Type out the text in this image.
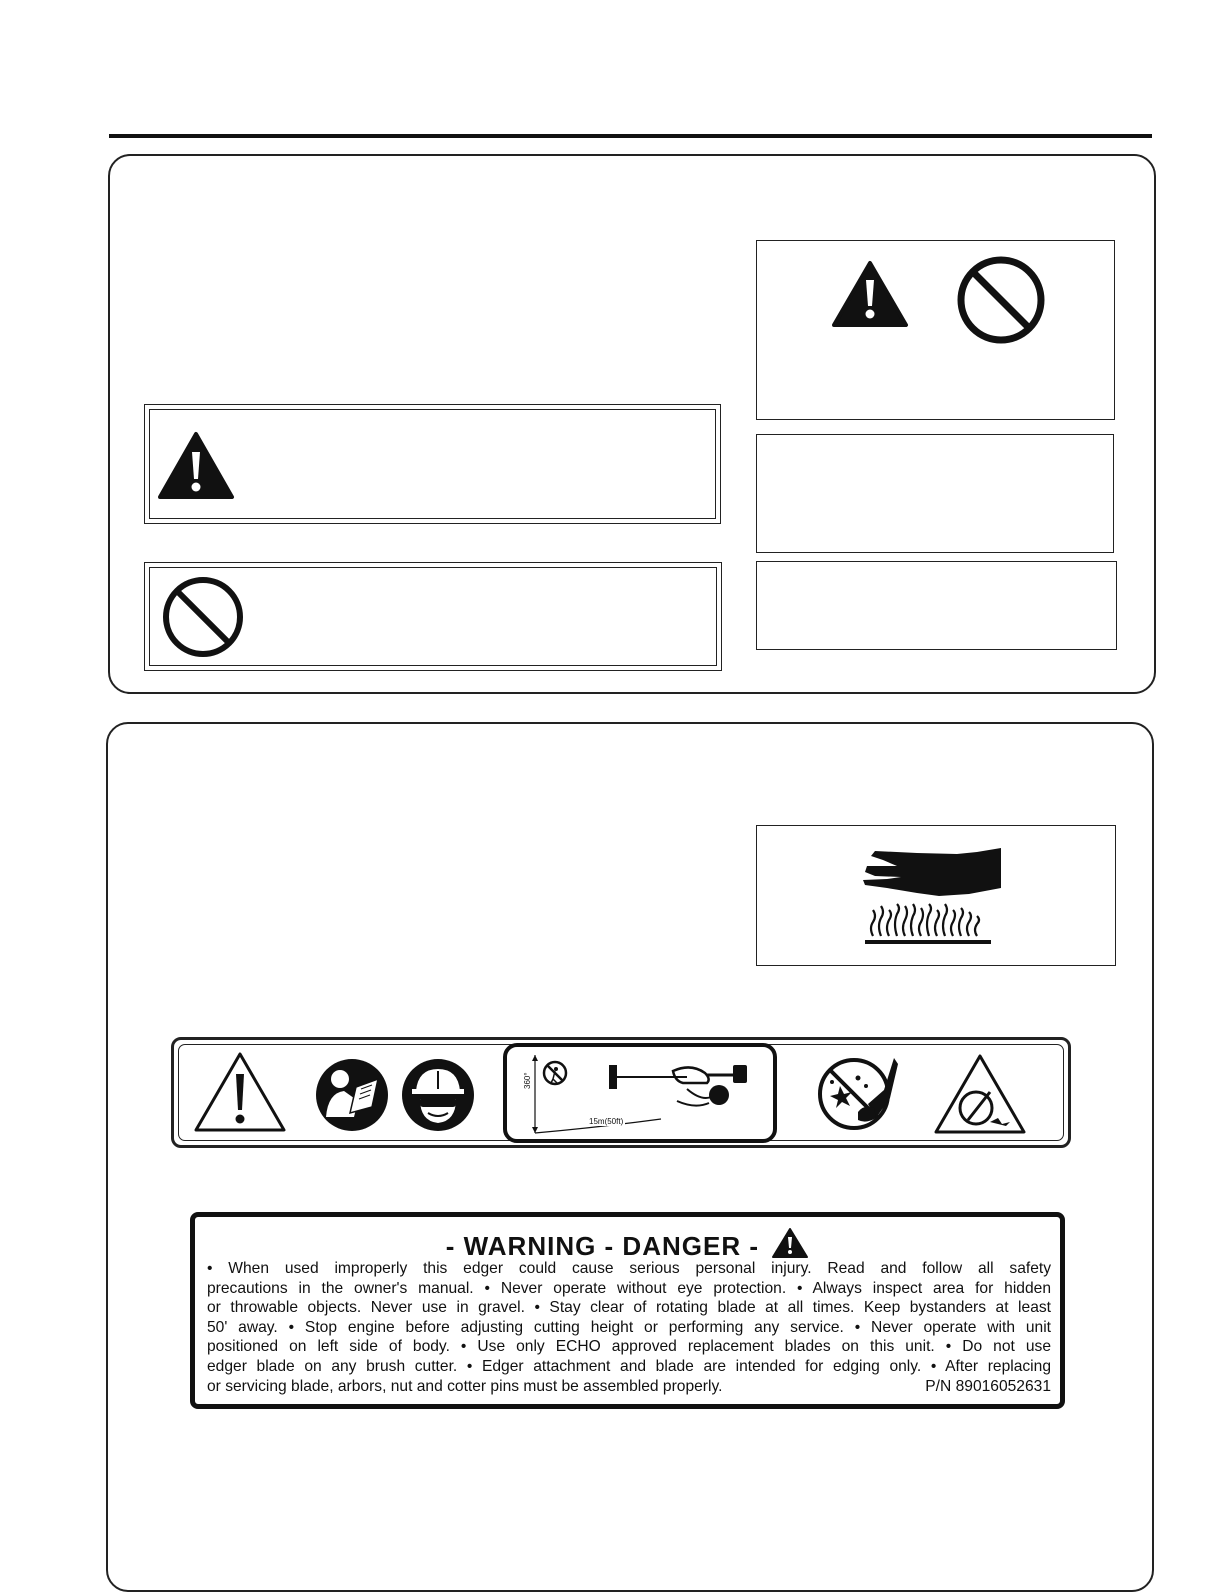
360°
15m(50ft)
- WARNING - DANGER -
• When used improperly this edger could cause serious personal injury. Read and follow all safety
precautions in the owner's manual. • Never operate without eye protection. • Always inspect area for hidden
or throwable objects. Never use in gravel. • Stay clear of rotating blade at all times. Keep bystanders at least
50' away. • Stop engine before adjusting cutting height or performing any service. • Never operate with unit
positioned on left side of body. • Use only ECHO approved replacement blades on this unit. • Do not use
edger blade on any brush cutter. • Edger attachment and blade are intended for edging only. • After replacing
or servicing blade, arbors, nut and cotter pins must be assembled properly.	P/N 89016052631
